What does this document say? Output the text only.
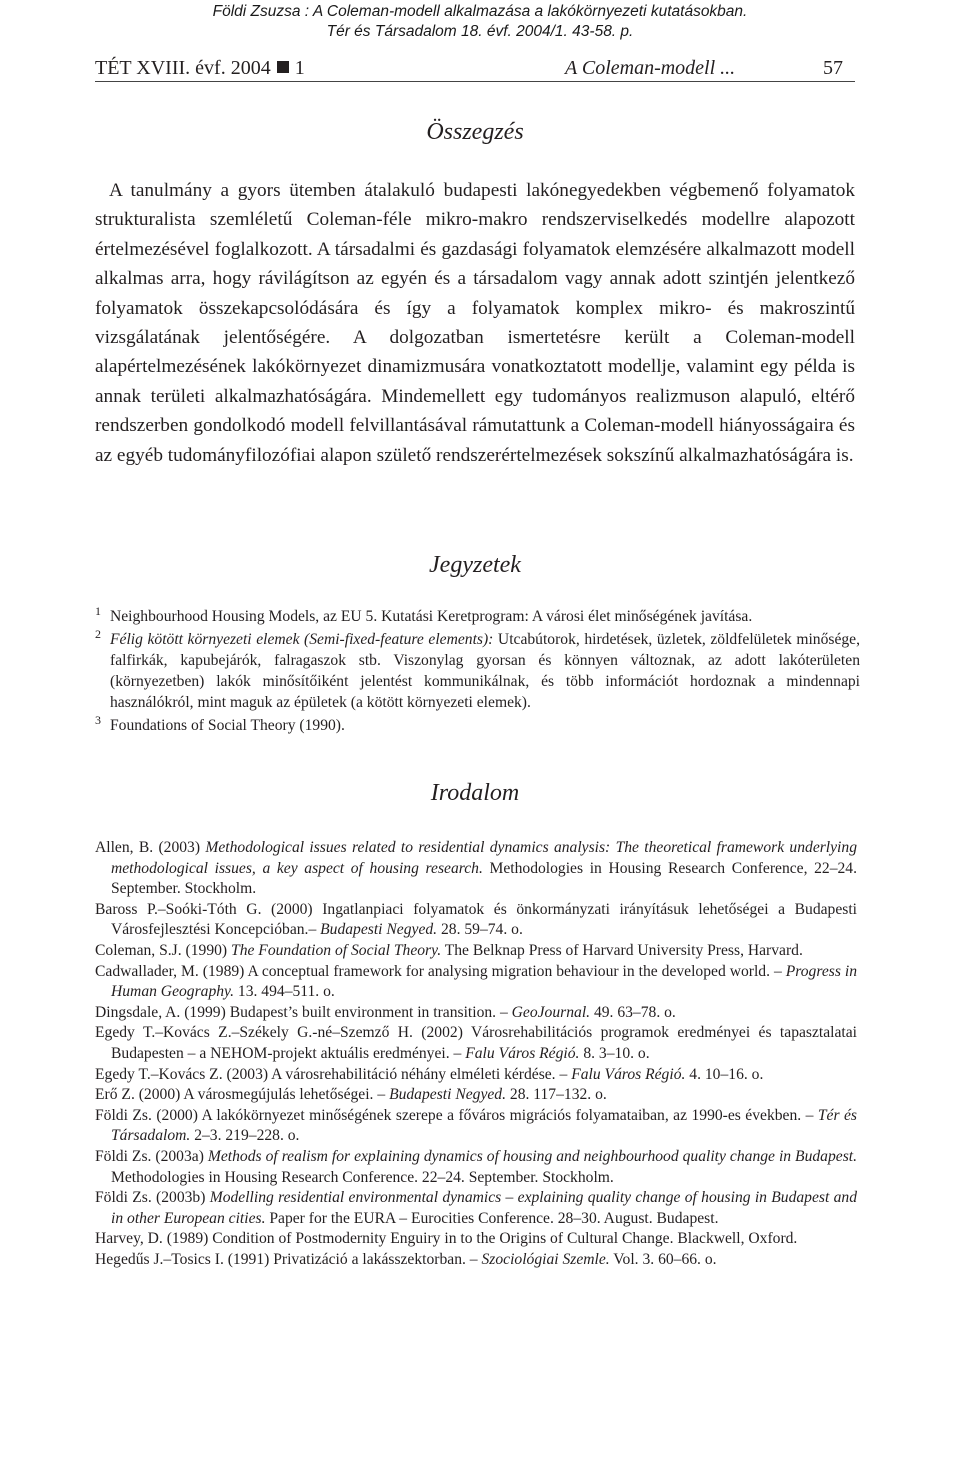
Földi Zsuzsa : A Coleman-modell alkalmazása a lakókörnyezeti kutatásokban.
Tér és Társadalom 18. évf. 2004/1. 43-58. p.
TÉT XVIII. évf. 2004 1	A Coleman-modell ...	57
Összegzés

A tanulmány a gyors ütemben átalakuló budapesti lakónegyedekben végbemenő folyamatok strukturalista szemléletű Coleman-féle mikro-makro rendszerviselkedés modellre alapozott értelmezésével foglalkozott. A társadalmi és gazdasági folyamatok elemzésére alkalmazott modell alkalmas arra, hogy rávilágítson az egyén és a társadalom vagy annak adott szintjén jelentkező folyamatok összekapcsolódására és így a folyamatok komplex mikro- és makroszintű vizsgálatának jelentőségére. A dolgozatban ismertetésre került a Coleman-modell alapértelmezésének lakókörnyezet dinamizmusára vonatkoztatott modellje, valamint egy példa is annak területi alkalmazhatóságára. Mindemellett egy tudományos realizmuson alapuló, eltérő rendszerben gondolkodó modell felvillantásával rámutattunk a Coleman-modell hiányosságaira és az egyéb tudományfilozófiai alapon születő rendszerértelmezések sokszínű alkalmazhatóságára is.

Jegyzetek
1 Neighbourhood Housing Models, az EU 5. Kutatási Keretprogram: A városi élet minőségének javítása.
2 Félig kötött környezeti elemek (Semi-fixed-feature elements): Utcabútorok, hirdetések, üzletek, zöldfelületek minősége, falfirkák, kapubejárók, falragaszok stb. Viszonylag gyorsan és könnyen változnak, az adott lakóterületen (környezetben) lakók minősítőiként jelentést kommunikálnak, és több információt hordoznak a mindennapi használókról, mint maguk az épületek (a kötött környezeti elemek).
3 Foundations of Social Theory (1990).
Irodalom
Allen, B. (2003) Methodological issues related to residential dynamics analysis: The theoretical framework underlying methodological issues, a key aspect of housing research. Methodologies in Housing Research Conference, 22–24. September. Stockholm.
Baross P.–Soóki-Tóth G. (2000) Ingatlanpiaci folyamatok és önkormányzati irányításuk lehetőségei a Budapesti Városfejlesztési Koncepcióban.– Budapesti Negyed. 28. 59–74. o.
Coleman, S.J. (1990) The Foundation of Social Theory. The Belknap Press of Harvard University Press, Harvard.
Cadwallader, M. (1989) A conceptual framework for analysing migration behaviour in the developed world. – Progress in Human Geography. 13. 494–511. o.
Dingsdale, A. (1999) Budapest’s built environment in transition. – GeoJournal. 49. 63–78. o.
Egedy T.–Kovács Z.–Székely G.-né–Szemző H. (2002) Városrehabilitációs programok eredményei és tapasztalatai Budapesten – a NEHOM-projekt aktuális eredményei. – Falu Város Régió. 8. 3–10. o.
Egedy T.–Kovács Z. (2003) A városrehabilitáció néhány elméleti kérdése. – Falu Város Régió. 4. 10–16. o.
Erő Z. (2000) A városmegújulás lehetőségei. – Budapesti Negyed. 28. 117–132. o.
Földi Zs. (2000) A lakókörnyezet minőségének szerepe a főváros migrációs folyamataiban, az 1990-es években. – Tér és Társadalom. 2–3. 219–228. o.
Földi Zs. (2003a) Methods of realism for explaining dynamics of housing and neighbourhood quality change in Budapest. Methodologies in Housing Research Conference. 22–24. September. Stockholm.
Földi Zs. (2003b) Modelling residential environmental dynamics – explaining quality change of housing in Budapest and in other European cities. Paper for the EURA – Eurocities Conference. 28–30. August. Budapest.
Harvey, D. (1989) Condition of Postmodernity Enguiry in to the Origins of Cultural Change. Blackwell, Oxford.
Hegedűs J.–Tosics I. (1991) Privatizáció a lakásszektorban. – Szociológiai Szemle. Vol. 3. 60–66. o.
